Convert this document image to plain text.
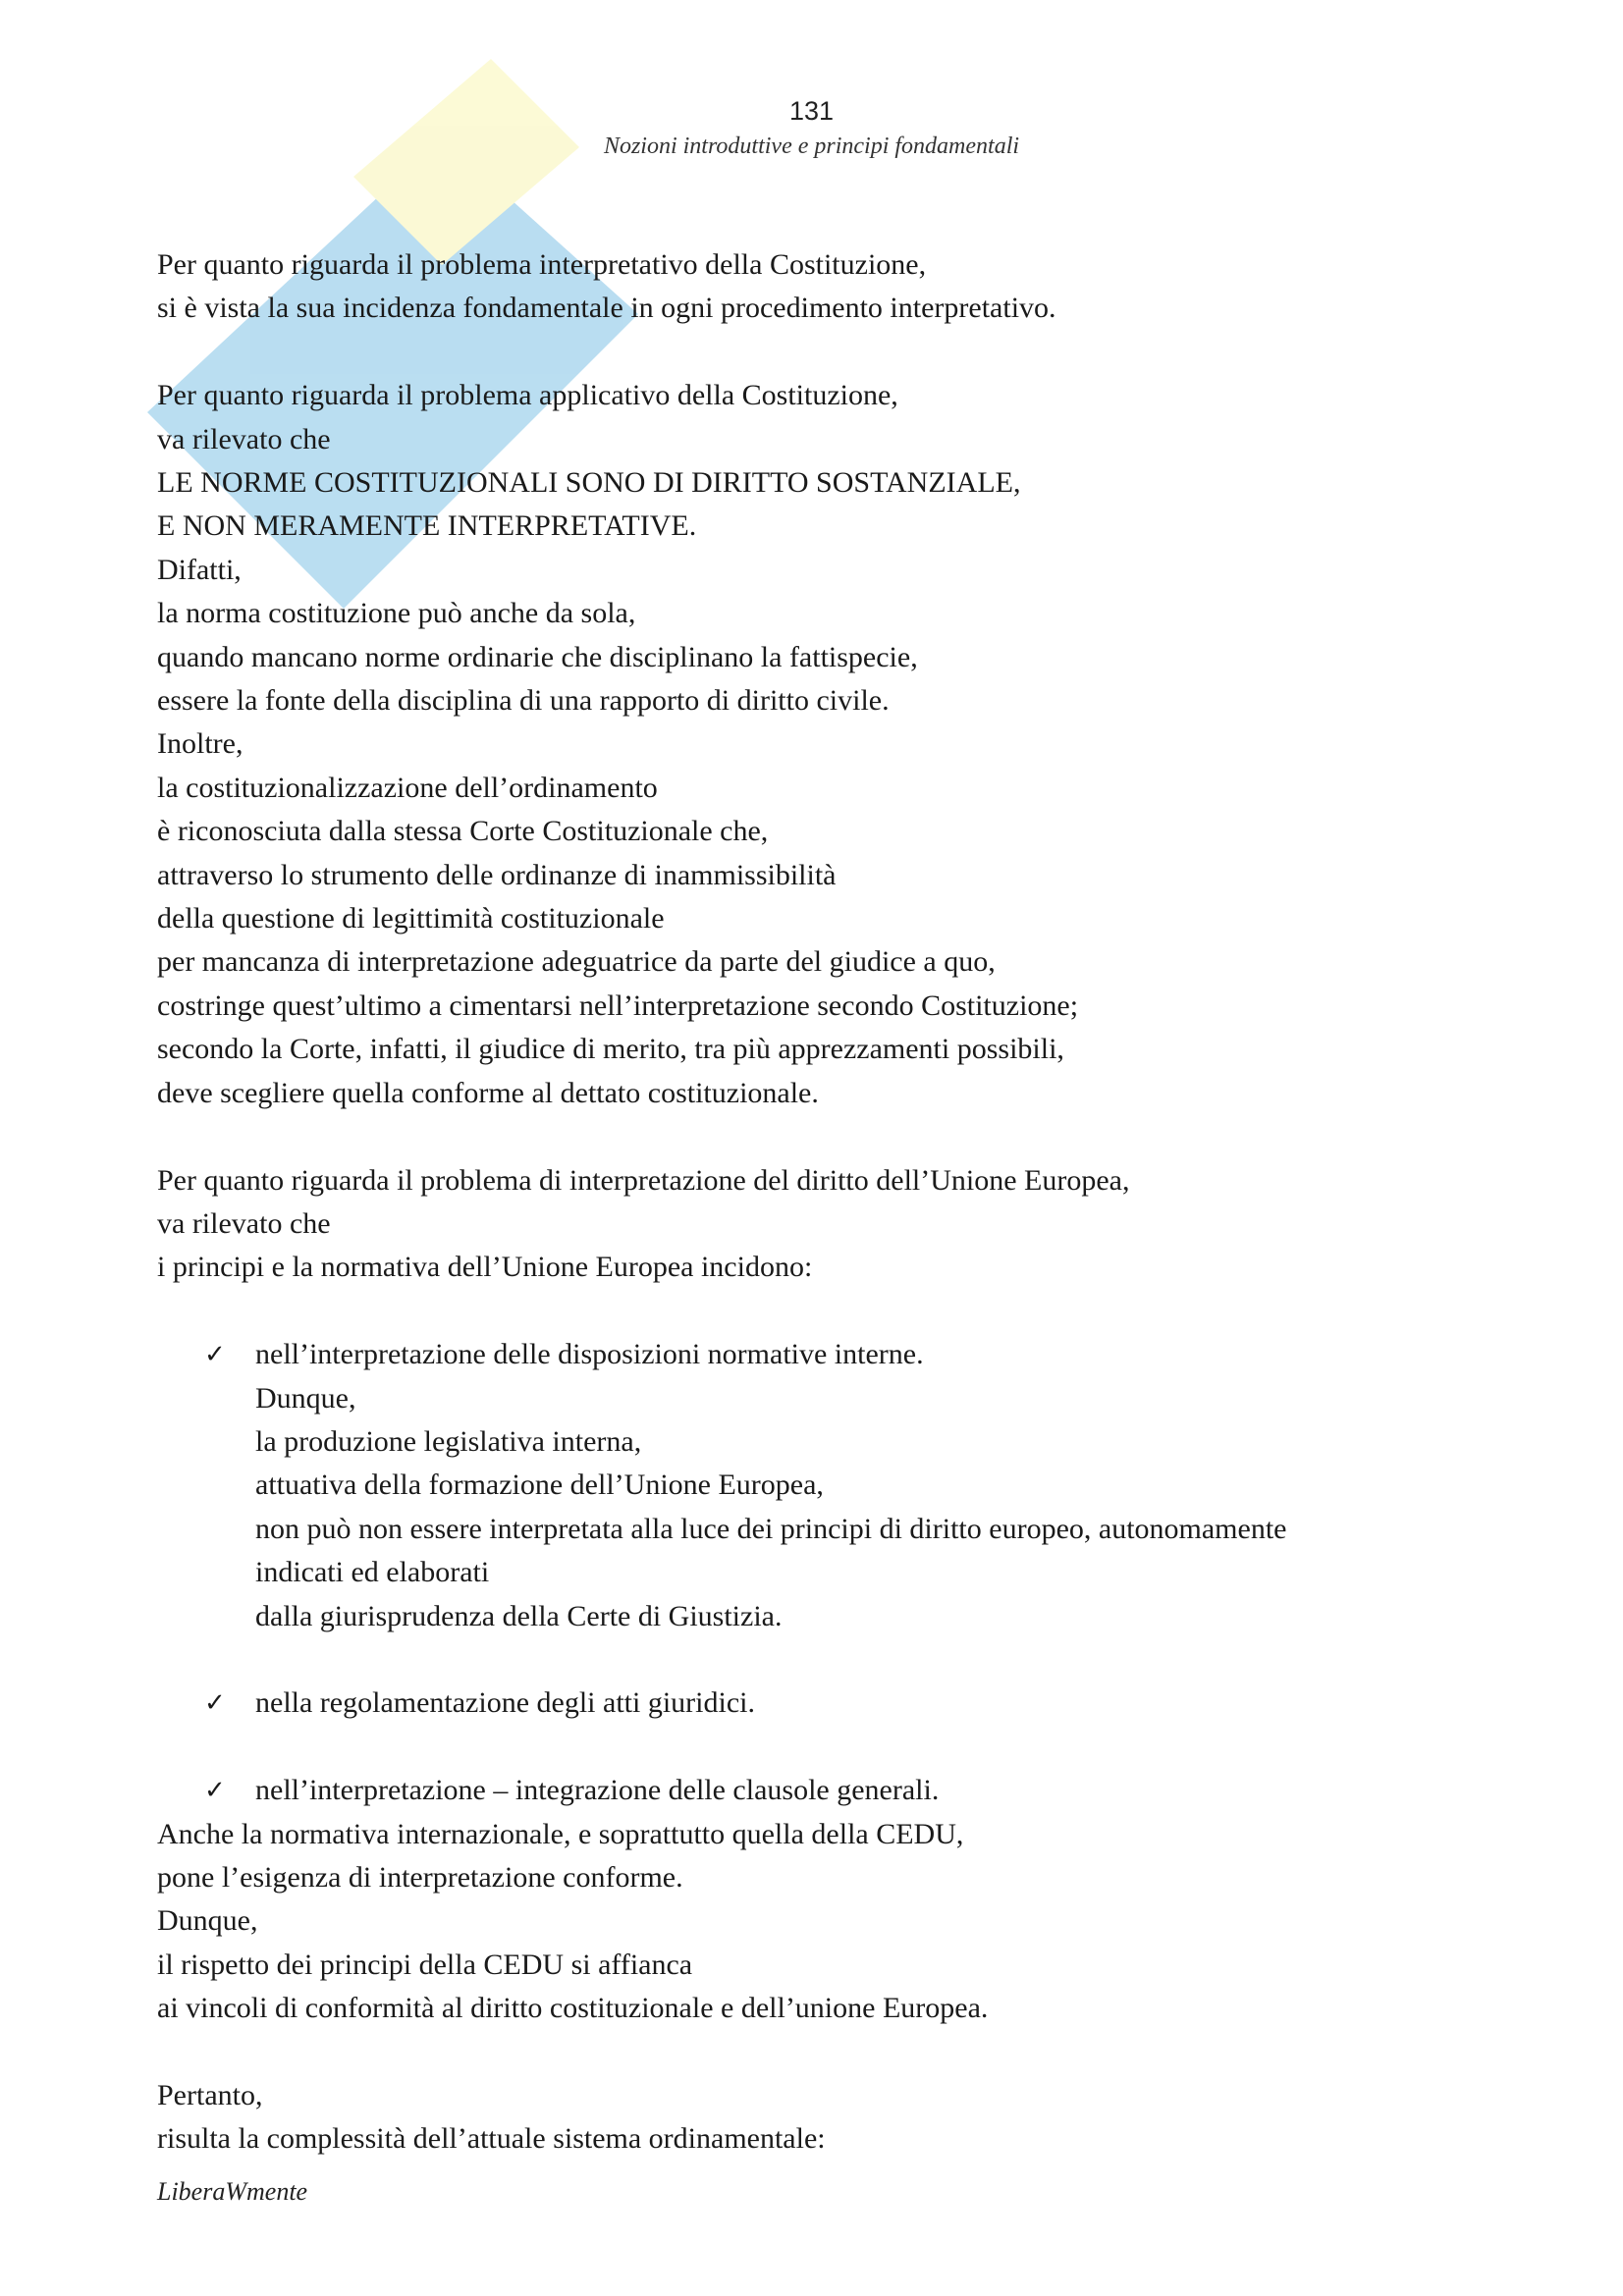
131
Nozioni introduttive e principi fondamentali
Per quanto riguarda il problema interpretativo della Costituzione,
si è vista la sua incidenza fondamentale in ogni procedimento interpretativo.
Per quanto riguarda il problema applicativo della Costituzione,
va rilevato che
LE NORME COSTITUZIONALI SONO DI DIRITTO SOSTANZIALE,
E NON MERAMENTE INTERPRETATIVE.
Difatti,
la norma costituzione può anche da sola,
quando mancano norme ordinarie che disciplinano la fattispecie,
essere la fonte della disciplina di una rapporto di diritto civile.
Inoltre,
la costituzionalizzazione dell’ordinamento
è riconosciuta dalla stessa Corte Costituzionale che,
attraverso lo strumento delle ordinanze di inammissibilità
della questione di legittimità costituzionale
per mancanza di interpretazione adeguatrice da parte del giudice a quo,
costringe quest’ultimo a cimentarsi nell’interpretazione secondo Costituzione;
secondo la Corte, infatti, il giudice di merito, tra più apprezzamenti possibili,
deve scegliere quella conforme al dettato costituzionale.
Per quanto riguarda il problema di interpretazione del diritto dell’Unione Europea,
va rilevato che
i principi e la normativa dell’Unione Europea incidono:
✓ nell’interpretazione delle disposizioni normative interne.
Dunque,
la produzione legislativa interna,
attuativa della formazione dell’Unione Europea,
non può non essere interpretata alla luce dei principi di diritto europeo, autonomamente
indicati ed elaborati
dalla giurisprudenza della Certe di Giustizia.
✓ nella regolamentazione degli atti giuridici.
✓ nell’interpretazione – integrazione delle clausole generali.
Anche la normativa internazionale, e soprattutto quella della CEDU,
pone l’esigenza di interpretazione conforme.
Dunque,
il rispetto dei principi della CEDU si affianca
ai vincoli di conformità al diritto costituzionale e dell’unione Europea.
Pertanto,
risulta la complessità dell’attuale sistema ordinamentale:
LiberaWmente
